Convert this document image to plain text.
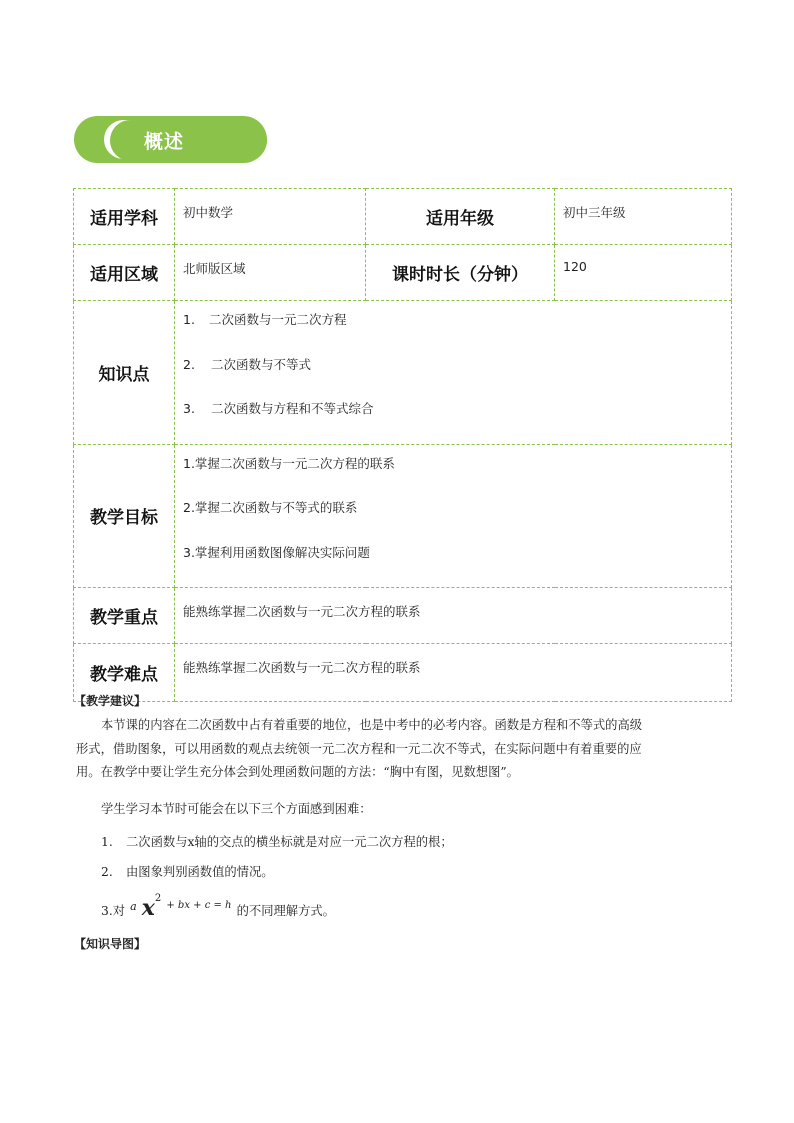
概述
适用学科	初中数学	适用年级	初中三年级
适用区域	北师版区域	课时时长（分钟）	120
知识点	1. 二次函数与一元二次方程
2. 二次函数与不等式
3. 二次函数与方程和不等式综合		

教学目标	1.掌握二次函数与一元二次方程的联系
2.掌握二次函数与不等式的联系
3.掌握利用函数图像解决实际问题		

教学重点	能熟练掌握二次函数与一元二次方程的联系		
教学难点	能熟练掌握二次函数与一元二次方程的联系		
【教学建议】
本节课的内容在二次函数中占有着重要的地位，也是中考中的必考内容。函数是方程和不等式的高级
形式，借助图象，可以用函数的观点去统领一元二次方程和一元二次不等式，在实际问题中有着重要的应
用。在教学中要让学生充分体会到处理函数问题的方法：“胸中有图，见数想图”。
学生学习本节时可能会在以下三个方面感到困难：
1. 二次函数与x轴的交点的横坐标就是对应一元二次方程的根；
2. 由图象判别函数值的情况。
3.对 $^a$ $x^2$ $^{+ bx + c = h}$ 的不同理解方式。
【知识导图】
